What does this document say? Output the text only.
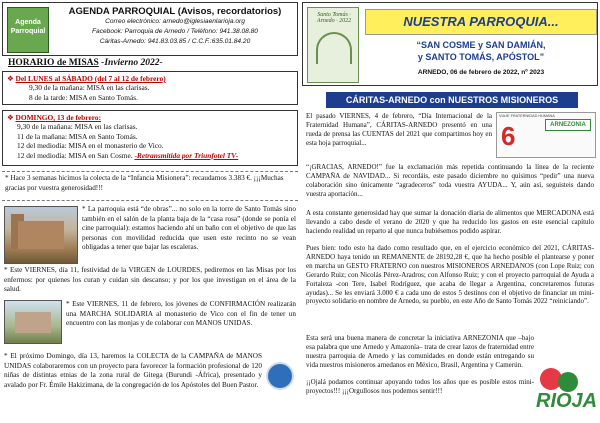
Agenda
Parroquial
AGENDA PARROQUIAL (Avisos, recordatorios)
Correo electrónico: arnedo@iglesiaenlarioja.org
Facebook: Parroquia de Arnedo / Teléfono: 941.38.08.80
Cáritas-Arnedo: 941.83.03.85 / C.C.F.:635.01.84.20
HORARIO de MISAS -Invierno 2022-
❖ Del LUNES al SÁBADO (del 7 al 12 de febrero)
9,30 de la mañana: MISA en las clarisas.
8 de la tarde: MISA en Santo Tomás.
❖ DOMINGO, 13 de febrero:
9,30 de la mañana: MISA en las clarisas.
11 de la mañana: MISA en Santo Tomás.
12 del mediodía: MISA en el monasterio de Vico.
12 del mediodía: MISA en San Cosme. -Retransmitida por Triunfotel TV-
* Hace 3 semanas hicimos la colecta de la “Infancia Misionera”: recaudamos 3.383 €. ¡¡¡Muchas gracias por vuestra generosidad!!!
* La parroquia está “de obras”... no solo en la torre de Santo Tomás sino también en el salón de la planta baja de la “casa rosa” (donde se ponía el cine parroquial): estamos haciendo ahí un baño con el objetivo de que las personas con movilidad reducida que usen este recinto no se vean obligadas a tener que bajar las escaleras.
* Este VIERNES, día 11, festividad de la VIRGEN de LOURDES, pediremos en las Misas por los enfermos: por quienes los curan y cuidan sin descanso; y por los que investigan en el área de la salud.
* Este VIERNES, 11 de febrero, los jóvenes de CONFIRMACIÓN realizarán una MARCHA SOLIDARIA al monasterio de Vico con el fin de tener un encuentro con las monjas y de colaborar con MANOS UNIDAS.
* El próximo Domingo, día 13, haremos la COLECTA de la CAMPAÑA de MANOS UNIDAS colaboraremos con un proyecto para favorecer la formación profesional de 120 niñas de distintas etnias de la zona rural de Gitega (Burundi -África), presentado y avalado por Fr. Émile Hakizimana, de la congregación de los Apóstoles del Buen Pastor.
Santo Tomás · Arnedo · 2022	NUESTRA PARROQUIA...
“SAN COSME y SAN DAMIÁN,
y SANTO TOMÁS, APÓSTOL”
ARNEDO, 06 de febrero de 2022, nº 2023
CÁRITAS-ARNEDO con NUESTROS MISIONEROS
VIAJE FRATERNIDAD HUMANA
6	ARNEZONIA
El pasado VIERNES, 4 de febrero, “Día Internacional de la Fraternidad Humana”, CÁRITAS-ARNEDO presentó en una rueda de prensa las CUENTAS del 2021 que compartimos hoy en esta hoja parroquial...
“¡GRACIAS, ARNEDO!” fue la exclamación más repetida continuando la línea de la reciente CAMPAÑA de NAVIDAD... Si recordáis, este pasado diciembre no quisimos “pedir” una nueva colaboración sino únicamente “agradeceros” toda vuestra AYUDA... Y, aún así, seguisteis dando vuestra aportación...
A esta constante generosidad hay que sumar la donación diaria de alimentos que MERCADONA está llevando a cabo desde el verano de 2020 y que ha reducido los gastos en este esencial capítulo haciendo realidad un reparto al que nunca hubiésemos podido aspirar.
Pues bien: todo esto ha dado como resultado que, en el ejercicio económico del 2021, CÁRITAS-ARNEDO haya tenido un REMANENTE de 28192,28 €, que ha hecho posible el plantearse y poner en marcha un GESTO FRATERNO con nuestros MISIONEROS ARNEDANOS (con Lope Ruiz; con Gerardo Ruiz; con Nicolás Pérez-Aradros; con Alfonso Ruiz; y con el proyecto parroquial de Ayuda a Fortaleza -con Tere, Isabel Rodríguez, que acaba de llegar a Argentina, concretaremos futuras ayudas)... Se les enviará 3.000 € a cada uno de estos 5 destinos con el objetivo de financiar un mini-proyecto solidario en nombre de Arnedo, su pueblo, en este Año de Santo Tomás 2022 “reiniciando”.
Esta será una buena manera de concretar la iniciativa ARNEZONIA que –bajo esa palabra que une Arnedo y Amazonía– trata de crear lazos de fraternidad entre nuestra parroquia de Arnedo y las comunidades en donde están entregando su vida nuestros misioneros arnedanos en México, Brasil, Argentina y Camerún.
¡¡Ojalá podamos continuar apoyando todos los años que es posible estos mini-proyectos!!! ¡¡¡Orgullosos nos podemos sentir!!!	RIOJA
